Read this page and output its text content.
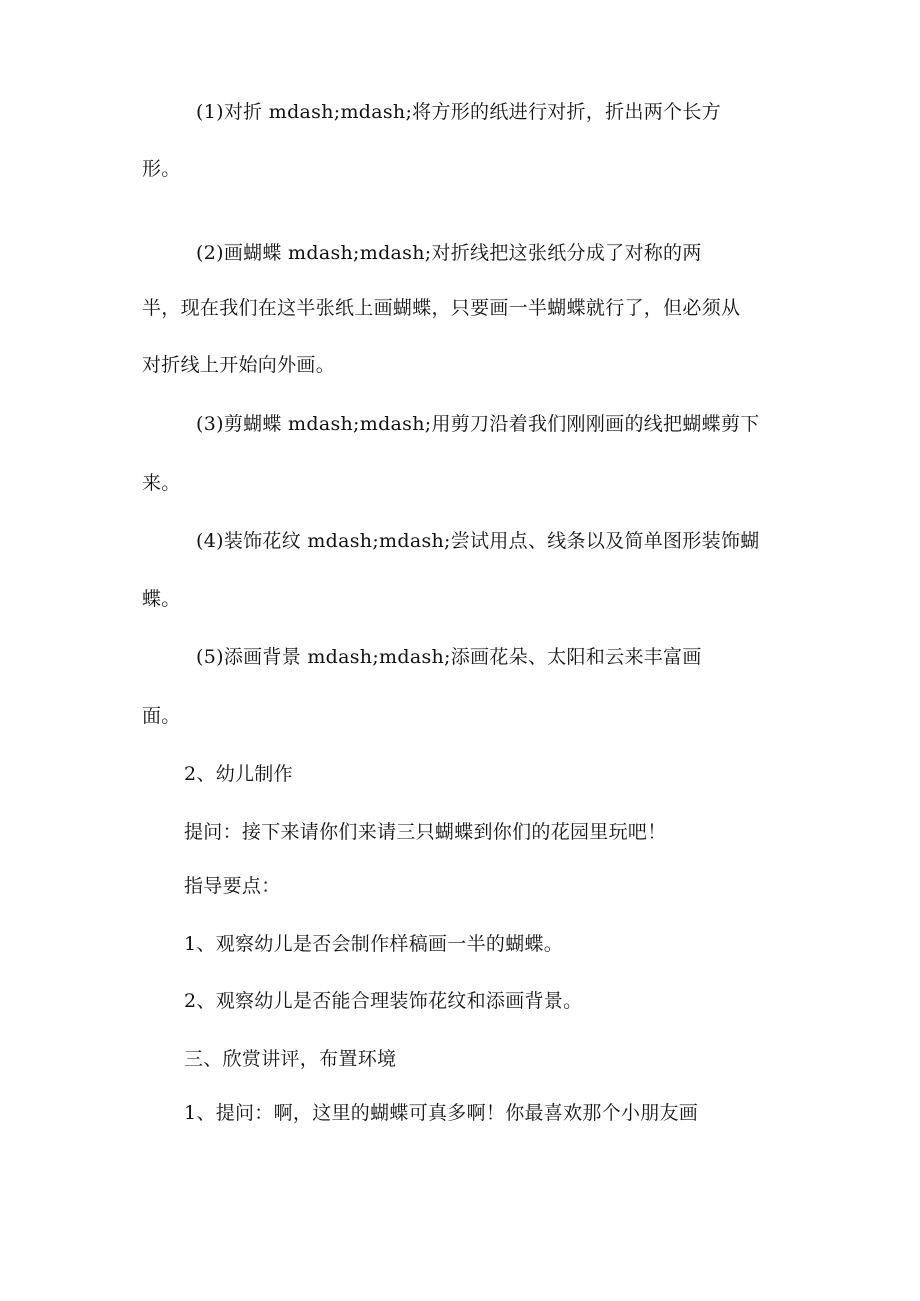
(1)对折 mdash;mdash;将方形的纸进行对折，折出两个长方
形。
(2)画蝴蝶 mdash;mdash;对折线把这张纸分成了对称的两
半，现在我们在这半张纸上画蝴蝶，只要画一半蝴蝶就行了，但必须从
对折线上开始向外画。
(3)剪蝴蝶 mdash;mdash;用剪刀沿着我们刚刚画的线把蝴蝶剪下
来。
(4)装饰花纹 mdash;mdash;尝试用点、线条以及简单图形装饰蝴
蝶。
(5)添画背景 mdash;mdash;添画花朵、太阳和云来丰富画
面。
2、幼儿制作
提问：接下来请你们来请三只蝴蝶到你们的花园里玩吧！
指导要点：
1、观察幼儿是否会制作样稿画一半的蝴蝶。
2、观察幼儿是否能合理装饰花纹和添画背景。
三、欣赏讲评，布置环境
1、提问：啊，这里的蝴蝶可真多啊！你最喜欢那个小朋友画
